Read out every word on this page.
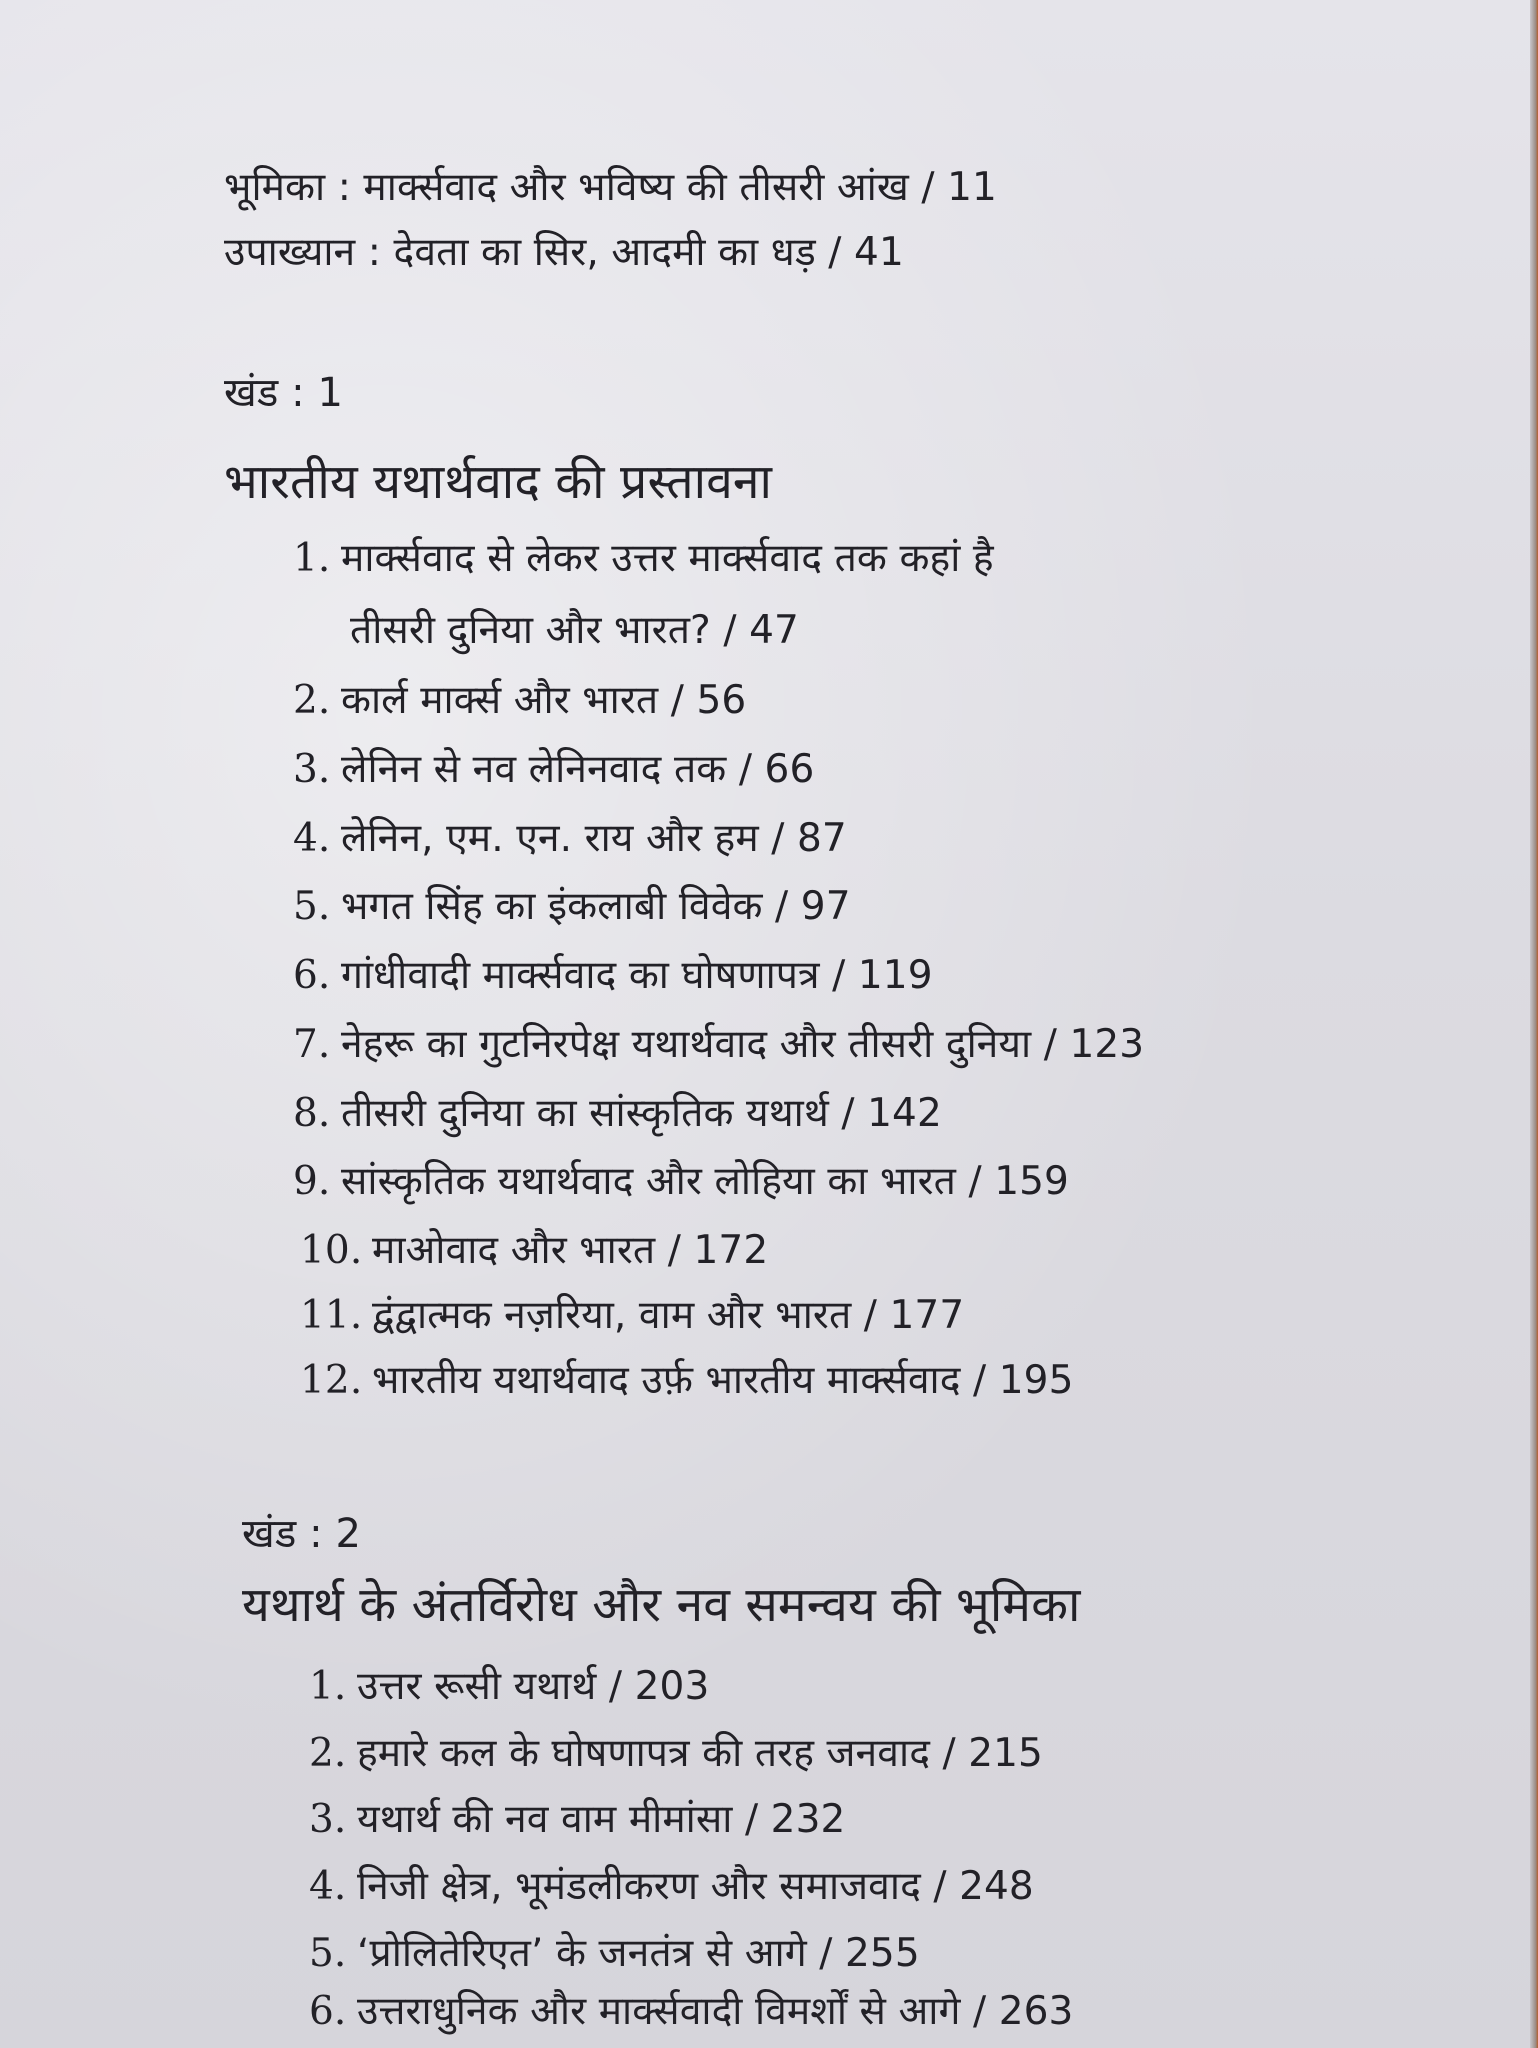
भूमिका : मार्क्सवाद और भविष्य की तीसरी आंख / 11
उपाख्यान : देवता का सिर, आदमी का धड़ / 41
खंड : 1
भारतीय यथार्थवाद की प्रस्तावना
1. मार्क्सवाद से लेकर उत्तर मार्क्सवाद तक कहां है
तीसरी दुनिया और भारत? / 47
2. कार्ल मार्क्स और भारत / 56
3. लेनिन से नव लेनिनवाद तक / 66
4. लेनिन, एम. एन. राय और हम / 87
5. भगत सिंह का इंकलाबी विवेक / 97
6. गांधीवादी मार्क्सवाद का घोषणापत्र / 119
7. नेहरू का गुटनिरपेक्ष यथार्थवाद और तीसरी दुनिया / 123
8. तीसरी दुनिया का सांस्कृतिक यथार्थ / 142
9. सांस्कृतिक यथार्थवाद और लोहिया का भारत / 159
10. माओवाद और भारत / 172
11. द्वंद्वात्मक नज़रिया, वाम और भारत / 177
12. भारतीय यथार्थवाद उर्फ़ भारतीय मार्क्सवाद / 195
खंड : 2
यथार्थ के अंतर्विरोध और नव समन्वय की भूमिका
1. उत्तर रूसी यथार्थ / 203
2. हमारे कल के घोषणापत्र की तरह जनवाद / 215
3. यथार्थ की नव वाम मीमांसा / 232
4. निजी क्षेत्र, भूमंडलीकरण और समाजवाद / 248
5. ‘प्रोलितेरिएत’ के जनतंत्र से आगे / 255
6. उत्तराधुनिक और मार्क्सवादी विमर्शों से आगे / 263
